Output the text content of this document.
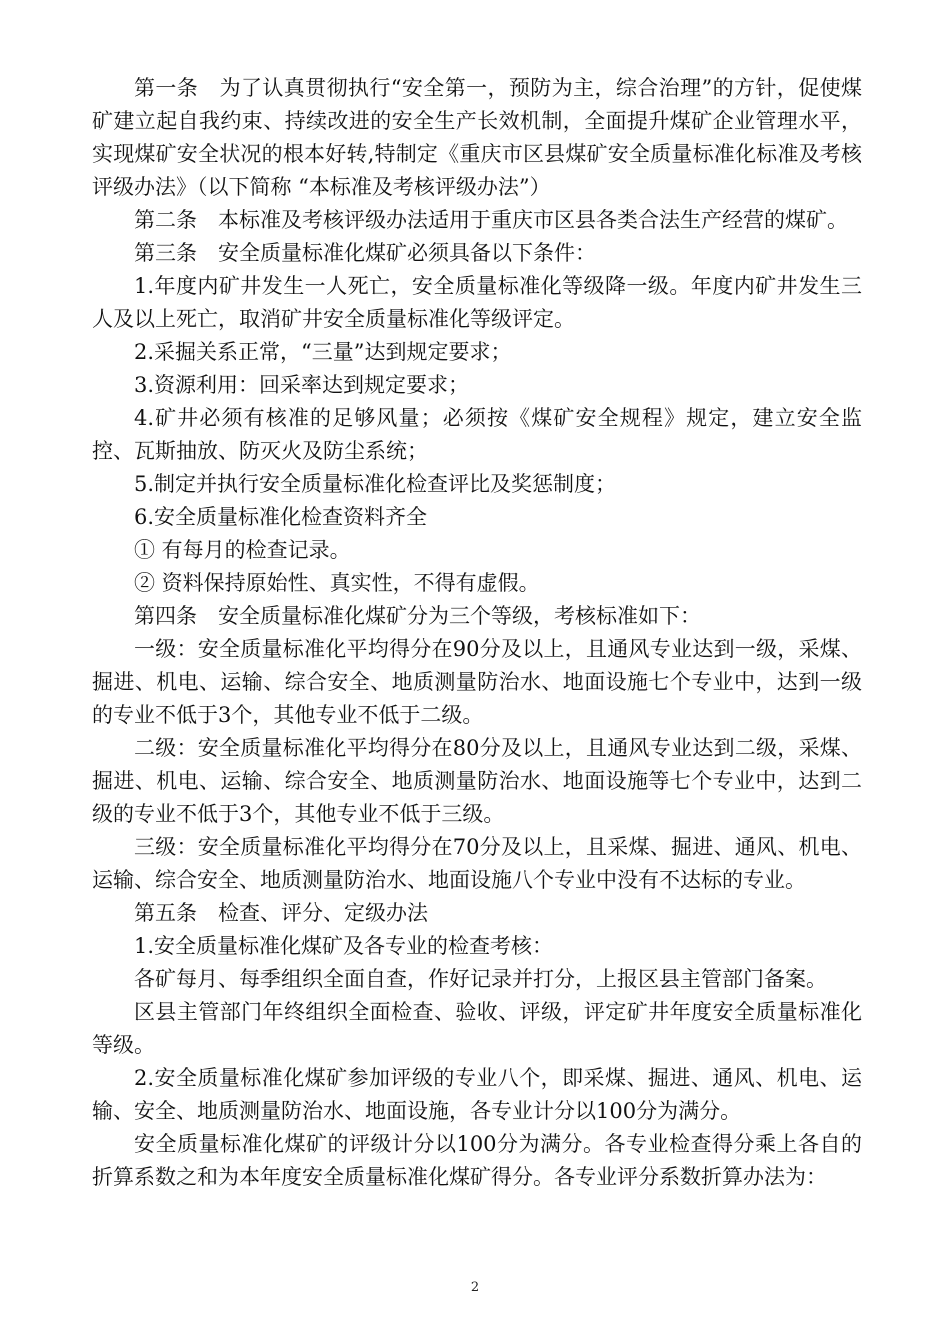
第一条　为了认真贯彻执行“安全第一，预防为主，综合治理”的方针，促使煤矿建立起自我约束、持续改进的安全生产长效机制，全面提升煤矿企业管理水平，实现煤矿安全状况的根本好转,特制定《重庆市区县煤矿安全质量标准化标准及考核评级办法》（以下简称 “本标准及考核评级办法”）

第二条　本标准及考核评级办法适用于重庆市区县各类合法生产经营的煤矿。

第三条　安全质量标准化煤矿必须具备以下条件：

1.年度内矿井发生一人死亡，安全质量标准化等级降一级。年度内矿井发生三人及以上死亡，取消矿井安全质量标准化等级评定。

2.采掘关系正常，“三量”达到规定要求；

3.资源利用：回采率达到规定要求；

4.矿井必须有核准的足够风量；必须按《煤矿安全规程》规定，建立安全监控、瓦斯抽放、防灭火及防尘系统；

5.制定并执行安全质量标准化检查评比及奖惩制度；

6.安全质量标准化检查资料齐全

① 有每月的检查记录。

② 资料保持原始性、真实性，不得有虚假。

第四条　安全质量标准化煤矿分为三个等级，考核标准如下：

一级：安全质量标准化平均得分在90分及以上，且通风专业达到一级，采煤、掘进、机电、运输、综合安全、地质测量防治水、地面设施七个专业中，达到一级的专业不低于3个，其他专业不低于二级。

二级：安全质量标准化平均得分在80分及以上，且通风专业达到二级，采煤、掘进、机电、运输、综合安全、地质测量防治水、地面设施等七个专业中，达到二级的专业不低于3个，其他专业不低于三级。

三级：安全质量标准化平均得分在70分及以上，且采煤、掘进、通风、机电、运输、综合安全、地质测量防治水、地面设施八个专业中没有不达标的专业。

第五条　检查、评分、定级办法

1.安全质量标准化煤矿及各专业的检查考核：

各矿每月、每季组织全面自查，作好记录并打分，上报区县主管部门备案。

区县主管部门年终组织全面检查、验收、评级，评定矿井年度安全质量标准化等级。

2.安全质量标准化煤矿参加评级的专业八个，即采煤、掘进、通风、机电、运输、安全、地质测量防治水、地面设施，各专业计分以100分为满分。

安全质量标准化煤矿的评级计分以100分为满分。各专业检查得分乘上各自的折算系数之和为本年度安全质量标准化煤矿得分。各专业评分系数折算办法为：

2
